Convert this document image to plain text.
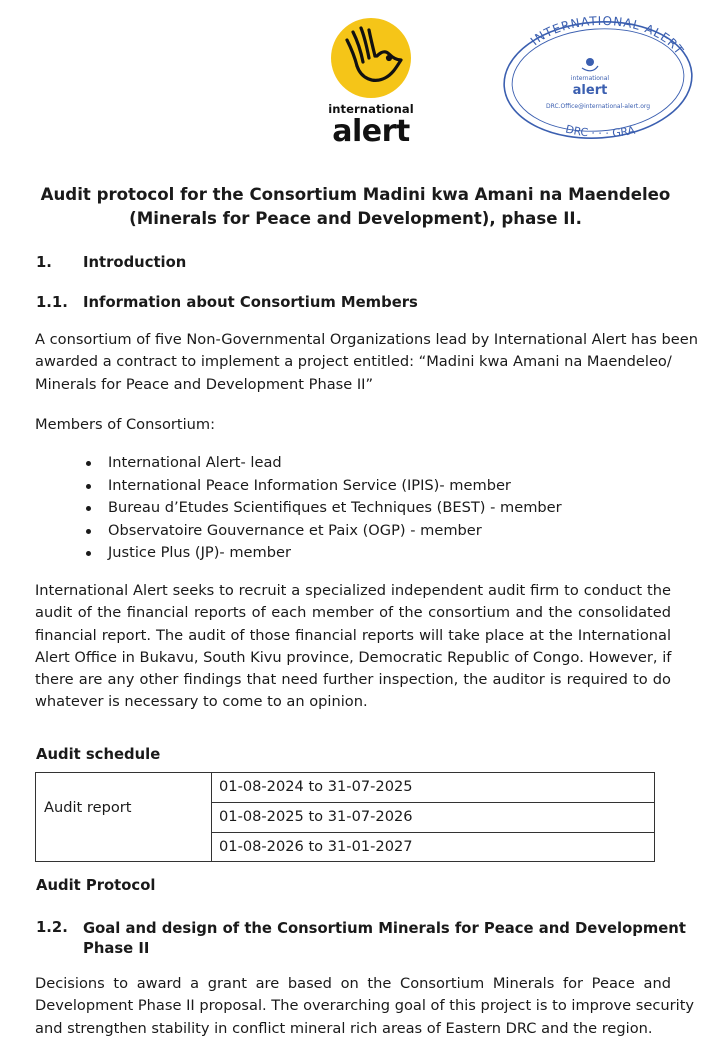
international
alert
INTERNATIONAL ALERT
international
alert
DRC.Office@international-alert.org
DRC · · · GRA
Audit protocol for the Consortium Madini kwa Amani na Maendeleo
(Minerals for Peace and Development), phase II.
1. Introduction
1.1. Information about Consortium Members
A consortium of five Non-Governmental Organizations lead by International Alert has been
awarded a contract to implement a project entitled: “Madini kwa Amani na Maendeleo/
Minerals for Peace and Development Phase II”
Members of Consortium:
International Alert- lead
International Peace Information Service (IPIS)- member
Bureau d’Etudes Scientifiques et Techniques (BEST) - member
Observatoire Gouvernance et Paix (OGP) - member
Justice Plus (JP)- member
International Alert seeks to recruit a specialized independent audit firm to conduct the
audit of the financial reports of each member of the consortium and the consolidated
financial report. The audit of those financial reports will take place at the International
Alert Office in Bukavu, South Kivu province, Democratic Republic of Congo. However, if
there are any other findings that need further inspection, the auditor is required to do
whatever is necessary to come to an opinion.
Audit schedule
Audit report
01-08-2024 to 31-07-2025
01-08-2025 to 31-07-2026
01-08-2026 to 31-01-2027
Audit Protocol
1.2. Goal and design of the Consortium Minerals for Peace and Development
Phase II
Decisions to award a grant are based on the Consortium Minerals for Peace and
Development Phase II proposal. The overarching goal of this project is to improve security
and strengthen stability in conflict mineral rich areas of Eastern DRC and the region.
